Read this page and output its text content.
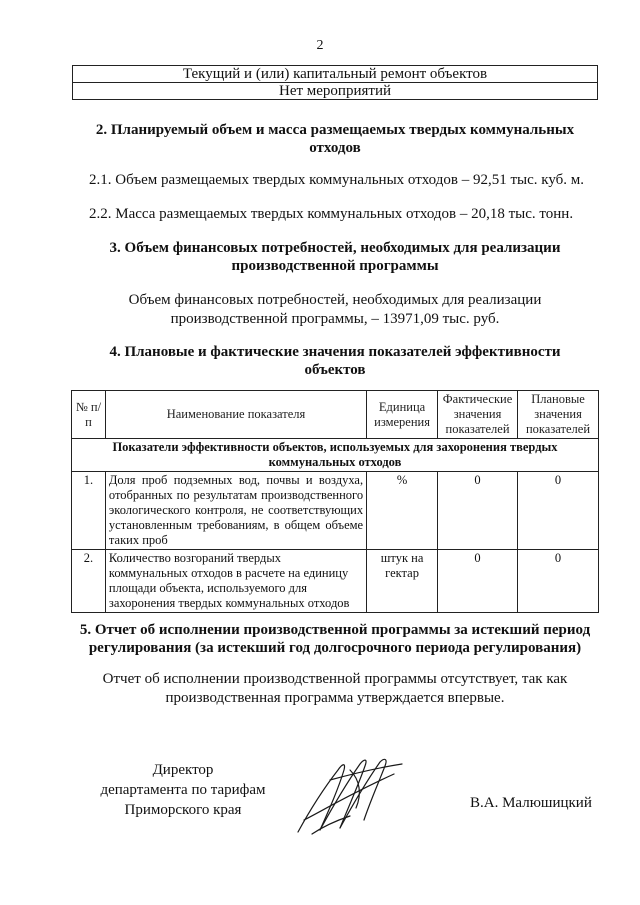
2
Текущий и (или) капитальный ремонт объектов
Нет мероприятий
2. Планируемый объем и масса размещаемых твердых коммунальных
отходов
2.1. Объем размещаемых твердых коммунальных отходов – 92,51 тыс. куб. м.
2.2. Масса размещаемых твердых коммунальных отходов – 20,18 тыс. тонн.
3. Объем финансовых потребностей, необходимых для реализации
производственной программы
Объем финансовых потребностей, необходимых для реализации
производственной программы, – 13971,09 тыс. руб.
4. Плановые и фактические значения показателей эффективности
объектов
№ п/п	Наименование показателя	Единица измерения	Фактические значения показателей	Плановые значения показателей
Показатели эффективности объектов, используемых для захоронения твердых коммунальных отходов				
1.	Доля проб подземных вод, почвы и воздуха, отобранных по результатам производственного экологического контроля, не соответствующих установленным требованиям, в общем объеме таких проб	%	0	0
2.	Количество возгораний твердых коммунальных отходов в расчете на единицу площади объекта, используемого для захоронения твердых коммунальных отходов	штук на гектар	0	0
5. Отчет об исполнении производственной программы за истекший период
регулирования (за истекший год долгосрочного периода регулирования)
Отчет об исполнении производственной программы отсутствует, так как
производственная программа утверждается впервые.
Директор
департамента по тарифам
Приморского края	В.А. Малюшицкий
